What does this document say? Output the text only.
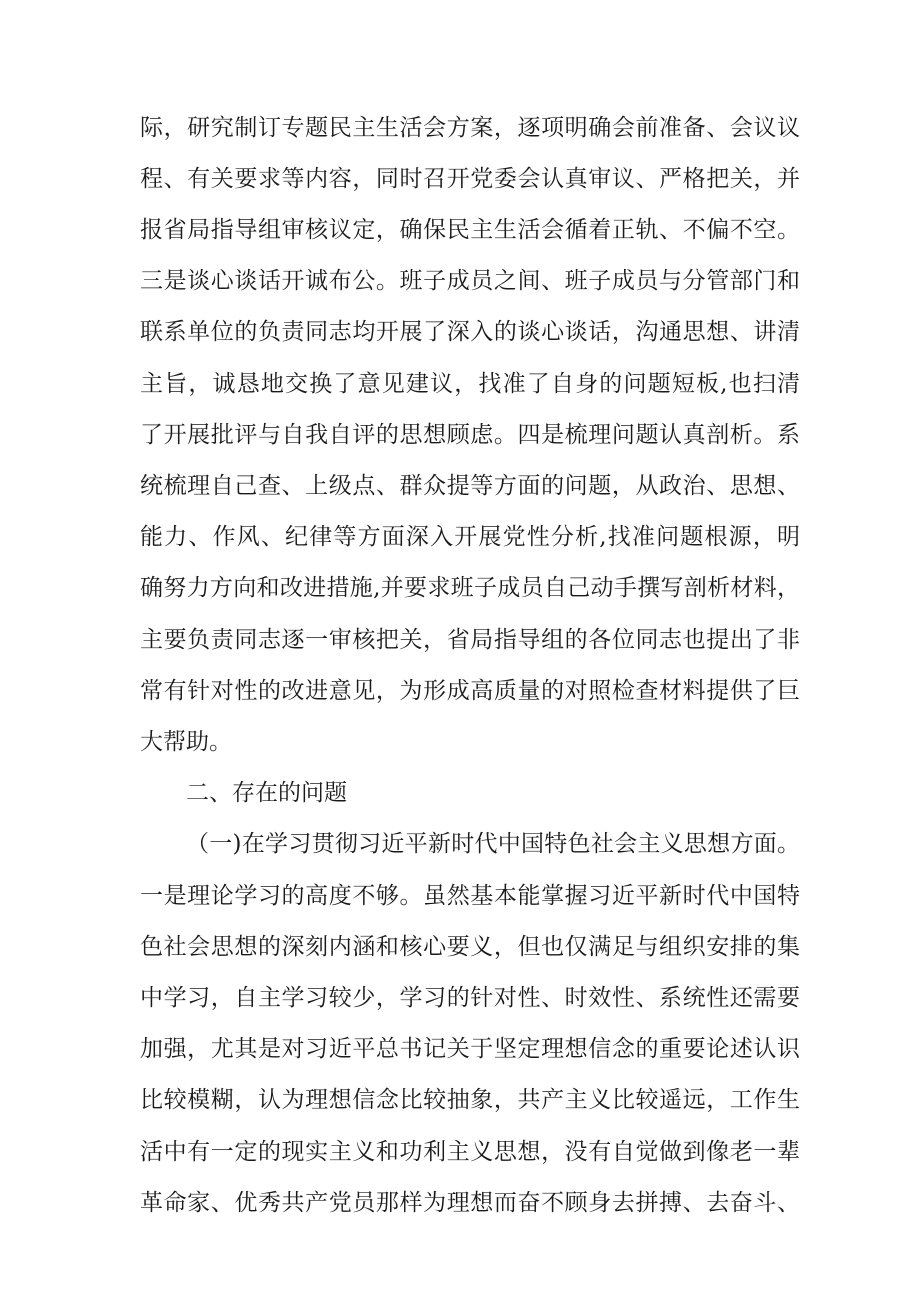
际，研究制订专题民主生活会方案，逐项明确会前准备、会议议
程、有关要求等内容，同时召开党委会认真审议、严格把关，并
报省局指导组审核议定，确保民主生活会循着正轨、不偏不空。
三是谈心谈话开诚布公。班子成员之间、班子成员与分管部门和
联系单位的负责同志均开展了深入的谈心谈话，沟通思想、讲清
主旨，诚恳地交换了意见建议，找准了自身的问题短板,也扫清
了开展批评与自我自评的思想顾虑。四是梳理问题认真剖析。系
统梳理自己查、上级点、群众提等方面的问题，从政治、思想、
能力、作风、纪律等方面深入开展党性分析,找准问题根源，明
确努力方向和改进措施,并要求班子成员自己动手撰写剖析材料，
主要负责同志逐一审核把关，省局指导组的各位同志也提出了非
常有针对性的改进意见，为形成高质量的对照检查材料提供了巨
大帮助。
二、存在的问题
（一)在学习贯彻习近平新时代中国特色社会主义思想方面。
一是理论学习的高度不够。虽然基本能掌握习近平新时代中国特
色社会思想的深刻内涵和核心要义，但也仅满足与组织安排的集
中学习，自主学习较少，学习的针对性、时效性、系统性还需要
加强，尤其是对习近平总书记关于坚定理想信念的重要论述认识
比较模糊，认为理想信念比较抽象，共产主义比较遥远，工作生
活中有一定的现实主义和功利主义思想，没有自觉做到像老一辈
革命家、优秀共产党员那样为理想而奋不顾身去拼搏、去奋斗、
